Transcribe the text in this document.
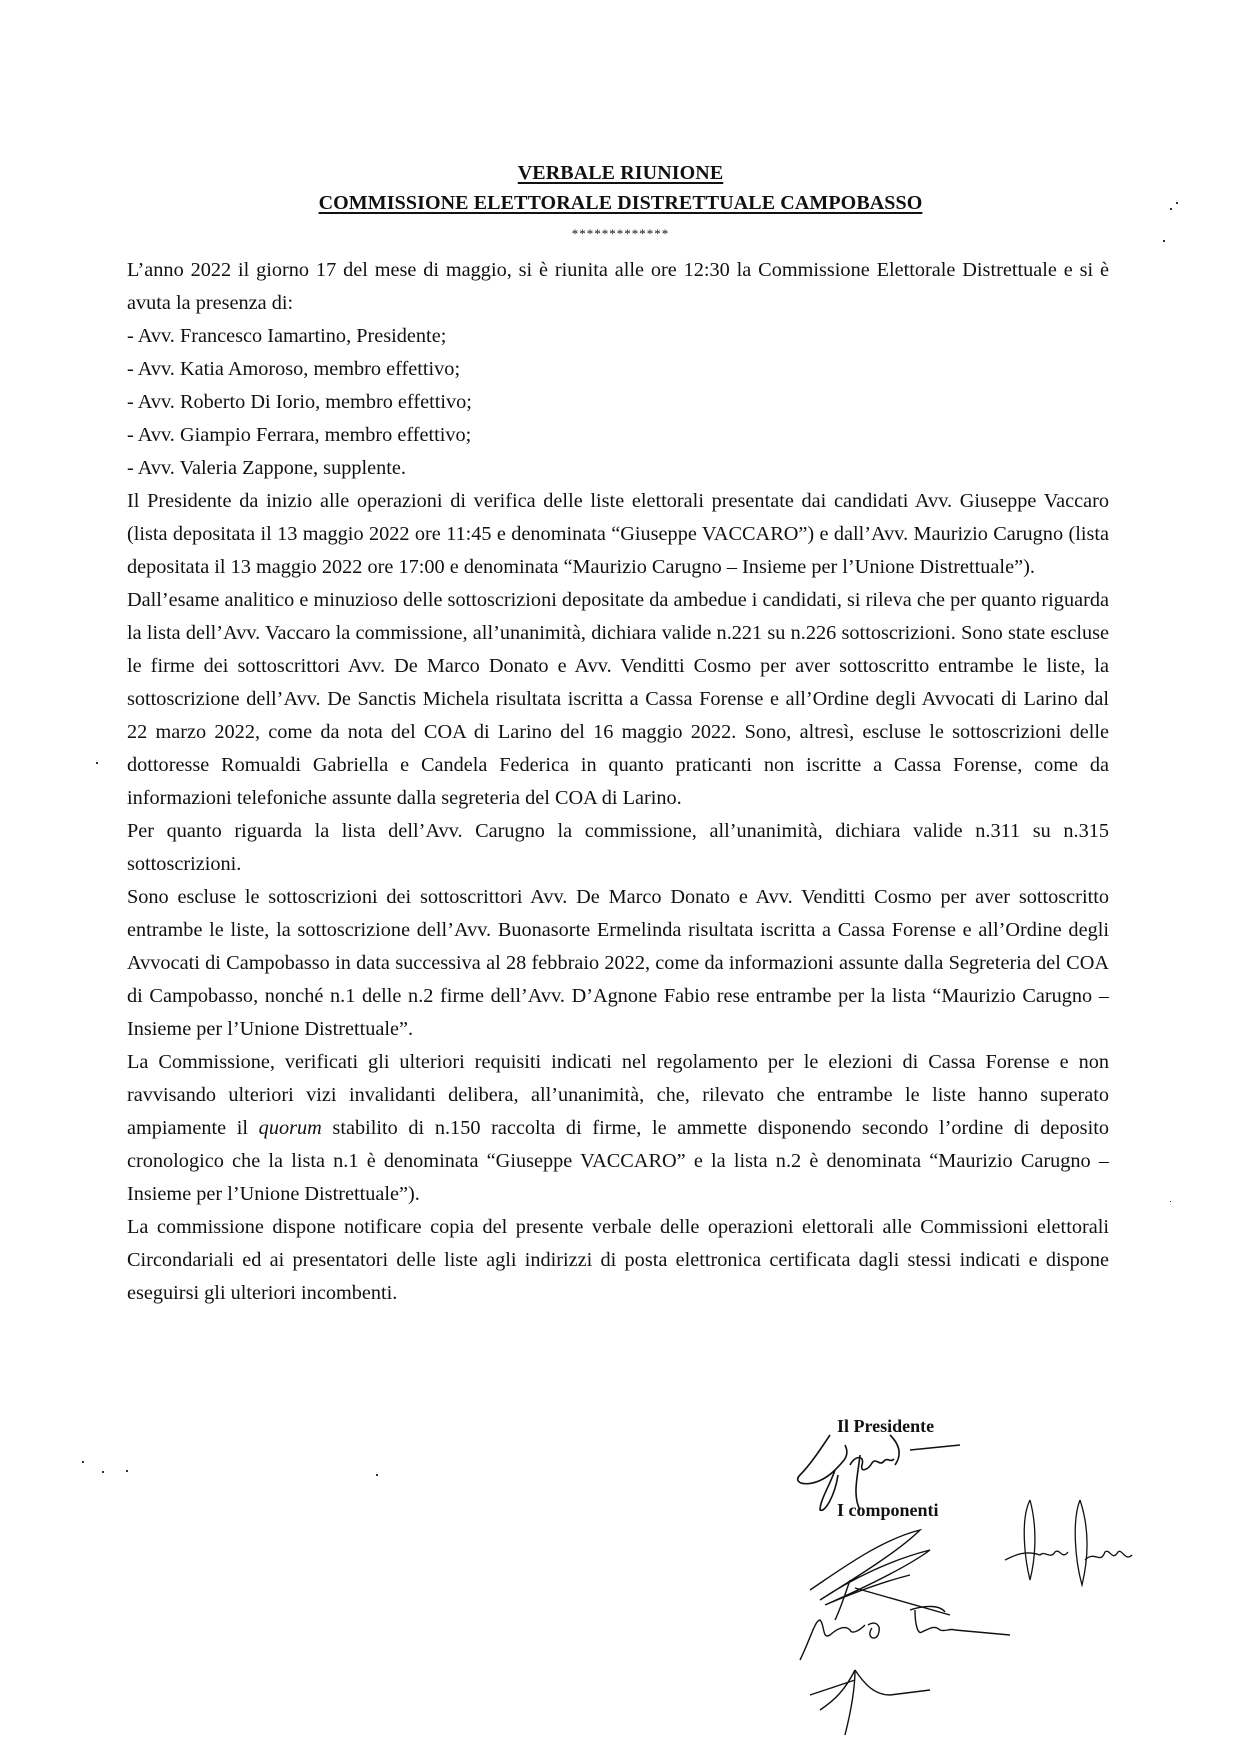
VERBALE RIUNIONE
COMMISSIONE ELETTORALE DISTRETTUALE CAMPOBASSO
*************

L’anno 2022 il giorno 17 del mese di maggio, si è riunita alle ore 12:30 la Commissione Elettorale Distrettuale e si è avuta la presenza di:

- Avv. Francesco Iamartino, Presidente;

- Avv. Katia Amoroso, membro effettivo;

- Avv. Roberto Di Iorio, membro effettivo;

- Avv. Giampio Ferrara, membro effettivo;

- Avv. Valeria Zappone, supplente.

Il Presidente da inizio alle operazioni di verifica delle liste elettorali presentate dai candidati Avv. Giuseppe Vaccaro (lista depositata il 13 maggio 2022 ore 11:45 e denominata “Giuseppe VACCARO”) e dall’Avv. Maurizio Carugno (lista depositata il 13 maggio 2022 ore 17:00 e denominata “Maurizio Carugno – Insieme per l’Unione Distrettuale”).

Dall’esame analitico e minuzioso delle sottoscrizioni depositate da ambedue i candidati, si rileva che per quanto riguarda la lista dell’Avv. Vaccaro la commissione, all’unanimità, dichiara valide n.221 su n.226 sottoscrizioni. Sono state escluse le firme dei sottoscrittori Avv. De Marco Donato e Avv. Venditti Cosmo per aver sottoscritto entrambe le liste, la sottoscrizione dell’Avv. De Sanctis Michela risultata iscritta a Cassa Forense e all’Ordine degli Avvocati di Larino dal 22 marzo 2022, come da nota del COA di Larino del 16 maggio 2022. Sono, altresì, escluse le sottoscrizioni delle dottoresse Romualdi Gabriella e Candela Federica in quanto praticanti non iscritte a Cassa Forense, come da informazioni telefoniche assunte dalla segreteria del COA di Larino.

Per quanto riguarda la lista dell’Avv. Carugno la commissione, all’unanimità, dichiara valide n.311 su n.315 sottoscrizioni.

Sono escluse le sottoscrizioni dei sottoscrittori Avv. De Marco Donato e Avv. Venditti Cosmo per aver sottoscritto entrambe le liste, la sottoscrizione dell’Avv. Buonasorte Ermelinda risultata iscritta a Cassa Forense e all’Ordine degli Avvocati di Campobasso in data successiva al 28 febbraio 2022, come da informazioni assunte dalla Segreteria del COA di Campobasso, nonché n.1 delle n.2 firme dell’Avv. D’Agnone Fabio rese entrambe per la lista “Maurizio Carugno – Insieme per l’Unione Distrettuale”.

La Commissione, verificati gli ulteriori requisiti indicati nel regolamento per le elezioni di Cassa Forense e non ravvisando ulteriori vizi invalidanti delibera, all’unanimità, che, rilevato che entrambe le liste hanno superato ampiamente il quorum stabilito di n.150 raccolta di firme, le ammette disponendo secondo l’ordine di deposito cronologico che la lista n.1 è denominata “Giuseppe VACCARO” e la lista n.2 è denominata “Maurizio Carugno – Insieme per l’Unione Distrettuale”).

La commissione dispone notificare copia del presente verbale delle operazioni elettorali alle Commissioni elettorali Circondariali ed ai presentatori delle liste agli indirizzi di posta elettronica certificata dagli stessi indicati e dispone eseguirsi gli ulteriori incombenti.

Il Presidente
I componenti
